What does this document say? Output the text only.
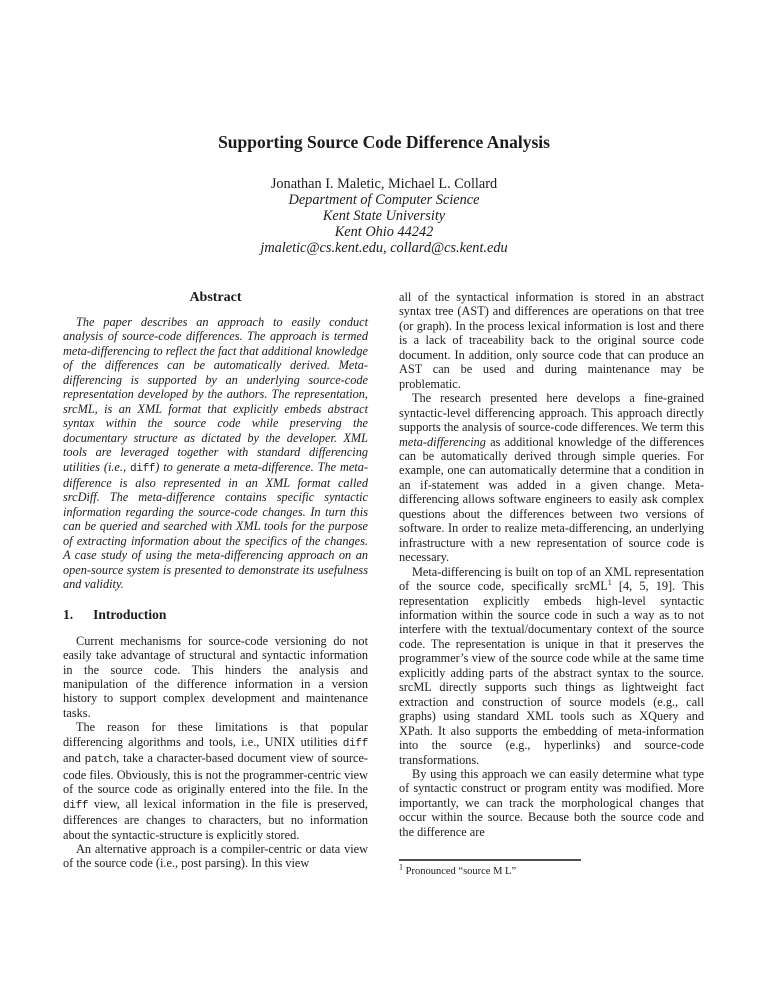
Supporting Source Code Difference Analysis
Jonathan I. Maletic, Michael L. Collard
Department of Computer Science
Kent State University
Kent Ohio 44242
jmaletic@cs.kent.edu, collard@cs.kent.edu
Abstract

The paper describes an approach to easily conduct analysis of source-code differences. The approach is termed meta-differencing to reflect the fact that additional knowledge of the differences can be automatically derived. Meta-differencing is supported by an underlying source-code representation developed by the authors. The representation, srcML, is an XML format that explicitly embeds abstract syntax within the source code while preserving the documentary structure as dictated by the developer. XML tools are leveraged together with standard differencing utilities (i.e., diff) to generate a meta-difference. The meta-difference is also represented in an XML format called srcDiff. The meta-difference contains specific syntactic information regarding the source-code changes. In turn this can be queried and searched with XML tools for the purpose of extracting information about the specifics of the changes. A case study of using the meta-differencing approach on an open-source system is presented to demonstrate its usefulness and validity.

1. Introduction

Current mechanisms for source-code versioning do not easily take advantage of structural and syntactic information in the source code. This hinders the analysis and manipulation of the difference information in a version history to support complex development and maintenance tasks.

The reason for these limitations is that popular differencing algorithms and tools, i.e., UNIX utilities diff and patch, take a character-based document view of source-code files. Obviously, this is not the programmer-centric view of the source code as originally entered into the file. In the diff view, all lexical information in the file is preserved, differences are changes to characters, but no information about the syntactic-structure is explicitly stored.

An alternative approach is a compiler-centric or data view of the source code (i.e., post parsing). In this view

all of the syntactical information is stored in an abstract syntax tree (AST) and differences are operations on that tree (or graph). In the process lexical information is lost and there is a lack of traceability back to the original source code document. In addition, only source code that can produce an AST can be used and during maintenance may be problematic.

The research presented here develops a fine-grained syntactic-level differencing approach. This approach directly supports the analysis of source-code differences. We term this meta-differencing as additional knowledge of the differences can be automatically derived through simple queries. For example, one can automatically determine that a condition in an if-statement was added in a given change. Meta-differencing allows software engineers to easily ask complex questions about the differences between two versions of software. In order to realize meta-differencing, an underlying infrastructure with a new representation of source code is necessary.

Meta-differencing is built on top of an XML representation of the source code, specifically srcML$^1$ [4, 5, 19]. This representation explicitly embeds high-level syntactic information within the source code in such a way as to not interfere with the textual/documentary context of the source code. The representation is unique in that it preserves the programmer’s view of the source code while at the same time explicitly adding parts of the abstract syntax to the source. srcML directly supports such things as lightweight fact extraction and construction of source models (e.g., call graphs) using standard XML tools such as XQuery and XPath. It also supports the embedding of meta-information into the source (e.g., hyperlinks) and source-code transformations.

By using this approach we can easily determine what type of syntactic construct or program entity was modified. More importantly, we can track the morphological changes that occur within the source. Because both the source code and the difference are

$^1$ Pronounced “source M L”
